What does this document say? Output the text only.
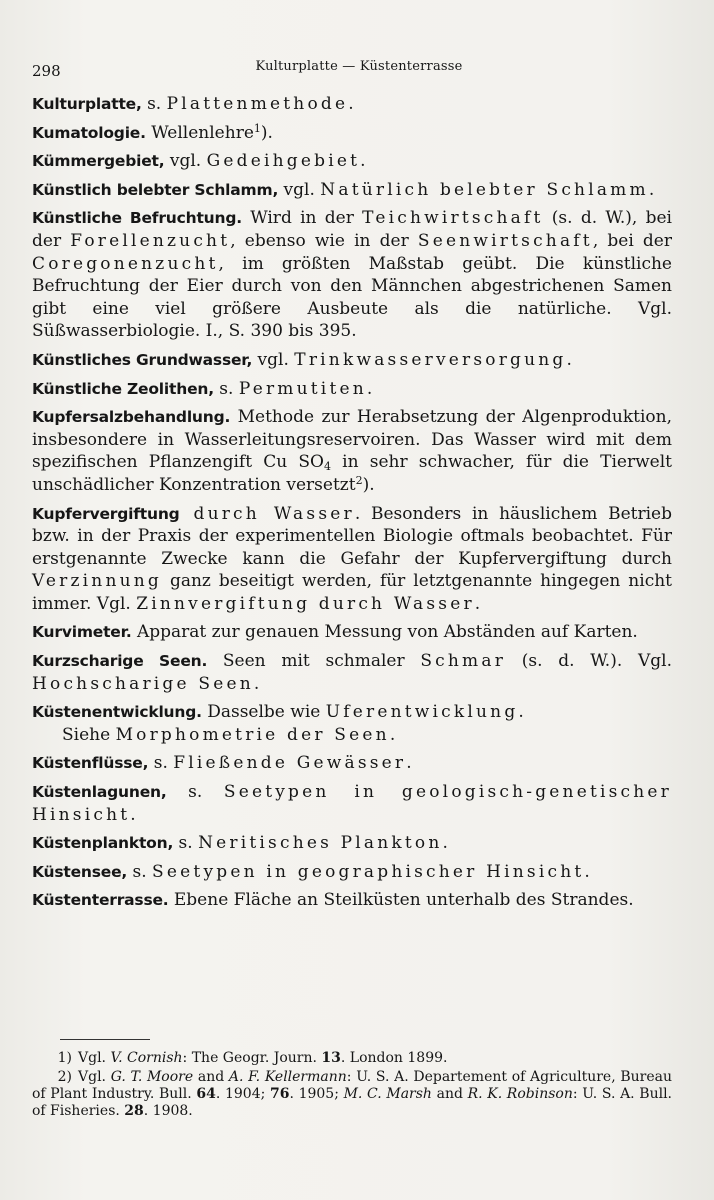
298	Kulturplatte — Küstenterrasse

Kulturplatte, s. Plattenmethode.

Kumatologie. Wellenlehre$^1$).

Kümmergebiet, vgl. Gedeihgebiet.

Künstlich belebter Schlamm, vgl. Natürlich belebter Schlamm.

Künstliche Befruchtung. Wird in der Teichwirtschaft (s. d. W.), bei der Forellenzucht, ebenso wie in der Seenwirtschaft, bei der Coregonenzucht, im größten Maßstab geübt. Die künstliche Befruchtung der Eier durch von den Männchen abgestrichenen Samen gibt eine viel größere Ausbeute als die natürliche. Vgl. Süßwasserbiologie. I., S. 390 bis 395.

Künstliches Grundwasser, vgl. Trinkwasserversorgung.

Künstliche Zeolithen, s. Permutiten.

Kupfersalzbehandlung. Methode zur Herabsetzung der Algenproduktion, insbesondere in Wasserleitungsreservoiren. Das Wasser wird mit dem spezifischen Pflanzengift Cu $SO_4$ in sehr schwacher, für die Tierwelt unschädlicher Konzentration versetzt$^2$).

Kupfervergiftung durch Wasser. Besonders in häuslichem Betrieb bzw. in der Praxis der experimentellen Biologie oftmals beobachtet. Für erstgenannte Zwecke kann die Gefahr der Kupfervergiftung durch Verzinnung ganz beseitigt werden, für letztgenannte hingegen nicht immer. Vgl. Zinnvergiftung durch Wasser.

Kurvimeter. Apparat zur genauen Messung von Abständen auf Karten.

Kurzscharige Seen. Seen mit schmaler Schmar (s. d. W.). Vgl. Hochscharige Seen.

Küstenentwicklung. Dasselbe wie Uferentwicklung.
Siehe Morphometrie der Seen.

Küstenflüsse, s. Fließende Gewässer.

Küstenlagunen, s. Seetypen in geologisch-genetischer Hinsicht.

Küstenplankton, s. Neritisches Plankton.

Küstensee, s. Seetypen in geographischer Hinsicht.

Küstenterrasse. Ebene Fläche an Steilküsten unterhalb des Strandes.

1) Vgl. V. Cornish: The Geogr. Journ. 13. London 1899.

2) Vgl. G. T. Moore and A. F. Kellermann: U. S. A. Departement of Agriculture, Bureau of Plant Industry. Bull. 64. 1904; 76. 1905; M. C. Marsh and R. K. Robinson: U. S. A. Bull. of Fisheries. 28. 1908.
